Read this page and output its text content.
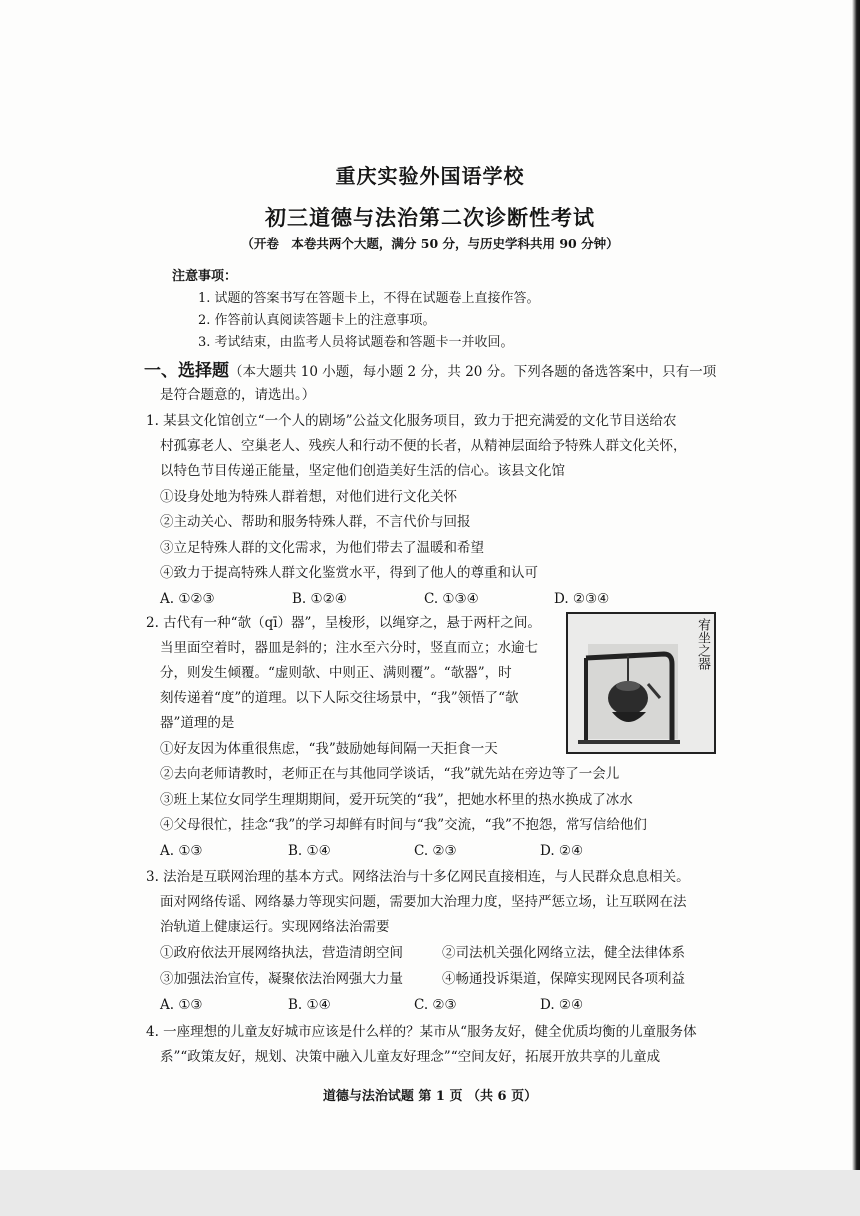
重庆实验外国语学校
初三道德与法治第二次诊断性考试
（开卷　本卷共两个大题，满分 50 分，与历史学科共用 90 分钟）
注意事项：
1. 试题的答案书写在答题卡上，不得在试题卷上直接作答。
2. 作答前认真阅读答题卡上的注意事项。
3. 考试结束，由监考人员将试题卷和答题卡一并收回。
一、选择题（本大题共 10 小题，每小题 2 分，共 20 分。下列各题的备选答案中，只有一项
是符合题意的，请选出。）
1. 某县文化馆创立“一个人的剧场”公益文化服务项目，致力于把充满爱的文化节目送给农
村孤寡老人、空巢老人、残疾人和行动不便的长者，从精神层面给予特殊人群文化关怀，
以特色节目传递正能量，坚定他们创造美好生活的信心。该县文化馆
①设身处地为特殊人群着想，对他们进行文化关怀
②主动关心、帮助和服务特殊人群，不言代价与回报
③立足特殊人群的文化需求，为他们带去了温暖和希望
④致力于提高特殊人群文化鉴赏水平，得到了他人的尊重和认可
A. ①②③	B. ①②④	C. ①③④	D. ②③④
2. 古代有一种“欹（qī）器”，呈梭形，以绳穿之，悬于两杆之间。
当里面空着时，器皿是斜的；注水至六分时，竖直而立；水逾七
分，则发生倾覆。“虚则欹、中则正、满则覆”。“欹器”，时
刻传递着“度”的道理。以下人际交往场景中，“我”领悟了“欹
器”道理的是
宥坐之器
①好友因为体重很焦虑，“我”鼓励她每间隔一天拒食一天
②去向老师请教时，老师正在与其他同学谈话，“我”就先站在旁边等了一会儿
③班上某位女同学生理期期间，爱开玩笑的“我”，把她水杯里的热水换成了冰水
④父母很忙，挂念“我”的学习却鲜有时间与“我”交流，“我”不抱怨，常写信给他们
A. ①③	B. ①④	C. ②③	D. ②④
3. 法治是互联网治理的基本方式。网络法治与十多亿网民直接相连，与人民群众息息相关。
面对网络传谣、网络暴力等现实问题，需要加大治理力度，坚持严惩立场，让互联网在法
治轨道上健康运行。实现网络法治需要
①政府依法开展网络执法，营造清朗空间	②司法机关强化网络立法，健全法律体系
③加强法治宣传，凝聚依法治网强大力量	④畅通投诉渠道，保障实现网民各项利益
A. ①③	B. ①④	C. ②③	D. ②④
4. 一座理想的儿童友好城市应该是什么样的？某市从“服务友好，健全优质均衡的儿童服务体
系”“政策友好，规划、决策中融入儿童友好理念”“空间友好，拓展开放共享的儿童成
道德与法治试题 第 1 页 （共 6 页）
